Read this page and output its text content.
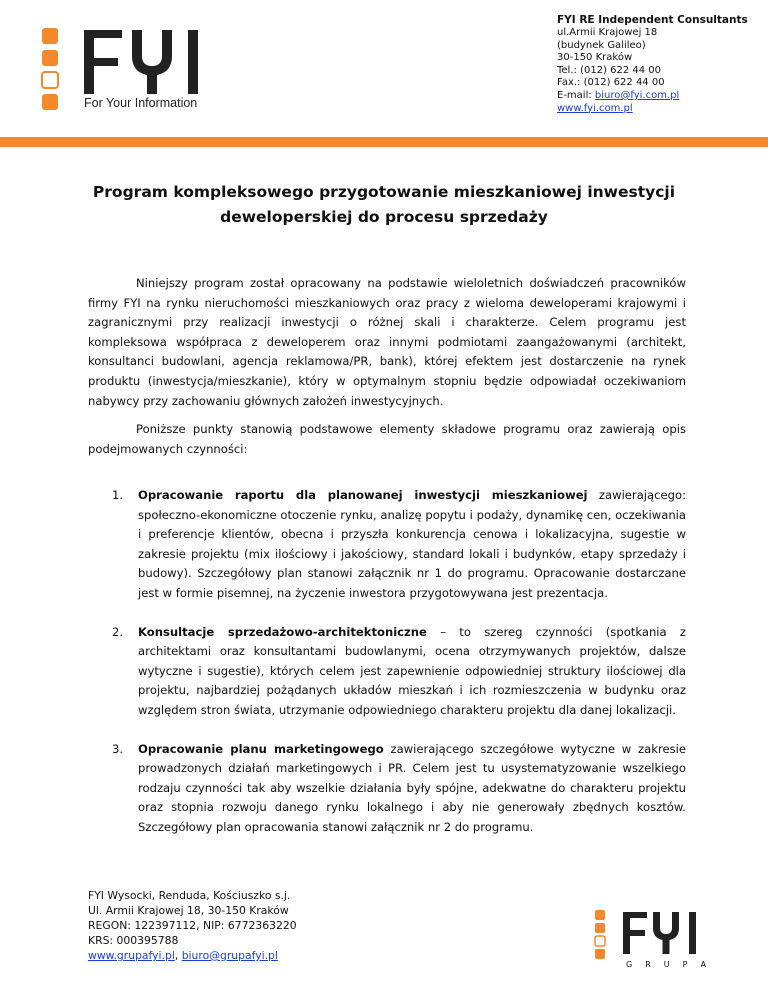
For Your Information
FYI RE Independent Consultants
ul.Armii Krajowej 18
(budynek Galileo)
30-150 Kraków
Tel.: (012) 622 44 00
Fax.: (012) 622 44 00
E-mail: biuro@fyi.com.pl
www.fyi.com.pl
Program kompleksowego przygotowanie mieszkaniowej inwestycji
deweloperskiej do procesu sprzedaży
Niniejszy program został opracowany na podstawie wieloletnich doświadczeń pracowników firmy FYI na rynku nieruchomości mieszkaniowych oraz pracy z wieloma deweloperami krajowymi i zagranicznymi przy realizacji inwestycji o różnej skali i charakterze. Celem programu jest kompleksowa współpraca z deweloperem oraz innymi podmiotami zaangażowanymi (architekt, konsultanci budowlani, agencja reklamowa/PR, bank), której efektem jest dostarczenie na rynek produktu (inwestycja/mieszkanie), który w optymalnym stopniu będzie odpowiadał oczekiwaniom nabywcy przy zachowaniu głównych założeń inwestycyjnych.
Poniższe punkty stanowią podstawowe elementy składowe programu oraz zawierają opis podejmowanych czynności:
1. Opracowanie raportu dla planowanej inwestycji mieszkaniowej zawierającego: społeczno-ekonomiczne otoczenie rynku, analizę popytu i podaży, dynamikę cen, oczekiwania i preferencje klientów, obecna i przyszła konkurencja cenowa i lokalizacyjna, sugestie w zakresie projektu (mix ilościowy i jakościowy, standard lokali i budynków, etapy sprzedaży i budowy). Szczegółowy plan stanowi załącznik nr 1 do programu. Opracowanie dostarczane jest w formie pisemnej, na życzenie inwestora przygotowywana jest prezentacja.
2. Konsultacje sprzedażowo-architektoniczne – to szereg czynności (spotkania z architektami oraz konsultantami budowlanymi, ocena otrzymywanych projektów, dalsze wytyczne i sugestie), których celem jest zapewnienie odpowiedniej struktury ilościowej dla projektu, najbardziej pożądanych układów mieszkań i ich rozmieszczenia w budynku oraz względem stron świata, utrzymanie odpowiedniego charakteru projektu dla danej lokalizacji.
3. Opracowanie planu marketingowego zawierającego szczegółowe wytyczne w zakresie prowadzonych działań marketingowych i PR. Celem jest tu usystematyzowanie wszelkiego rodzaju czynności tak aby wszelkie działania były spójne, adekwatne do charakteru projektu oraz stopnia rozwoju danego rynku lokalnego i aby nie generowały zbędnych kosztów. Szczegółowy plan opracowania stanowi załącznik nr 2 do programu.
FYI Wysocki, Renduda, Kościuszko s.j.
Ul. Armii Krajowej 18, 30-150 Kraków
REGON: 122397112, NIP: 6772363220
KRS: 000395788
www.grupafyi.pl, biuro@grupafyi.pl
G R U P A
